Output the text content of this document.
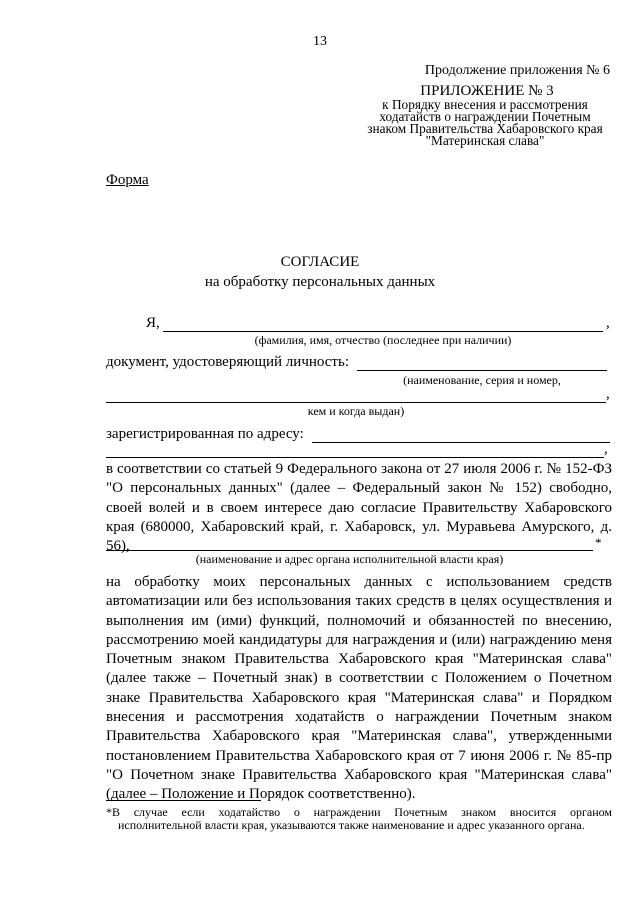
13
Продолжение приложения № 6
ПРИЛОЖЕНИЕ № 3
к Порядку внесения и рассмотрения
ходатайств о награждении Почетным
знаком Правительства Хабаровского края
"Материнская слава"
Форма
СОГЛАСИЕ
на обработку персональных данных
Я,	,
(фамилия, имя, отчество (последнее при наличии)
документ, удостоверяющий личность:
(наименование, серия и номер,
,
кем и когда выдан)
зарегистрированная по адресу:
,
в соответствии со статьей 9 Федерального закона от 27 июля 2006 г. № 152-ФЗ
"О персональных данных" (далее – Федеральный закон № 152) свободно,
своей волей и в своем интересе даю согласие Правительству Хабаровского
края (680000, Хабаровский край, г. Хабаровск, ул. Муравьева Амурского, д. 56),	*
(наименование и адрес органа исполнительной власти края)
на обработку моих персональных данных с использованием средств
автоматизации или без использования таких средств в целях осуществления и
выполнения им (ими) функций, полномочий и обязанностей по внесению,
рассмотрению моей кандидатуры для награждения и (или) награждению меня
Почетным знаком Правительства Хабаровского края "Материнская слава"
(далее также – Почетный знак) в соответствии с Положением о Почетном
знаке Правительства Хабаровского края "Материнская слава" и Порядком
внесения и рассмотрения ходатайств о награждении Почетным знаком
Правительства Хабаровского края "Материнская слава", утвержденными
постановлением Правительства Хабаровского края от 7 июня 2006 г. № 85-пр
"О Почетном знаке Правительства Хабаровского края "Материнская слава"
(далее – Положение и Порядок соответственно).
*В случае если ходатайство о награждении Почетным знаком вносится органом
исполнительной власти края, указываются также наименование и адрес указанного органа.
